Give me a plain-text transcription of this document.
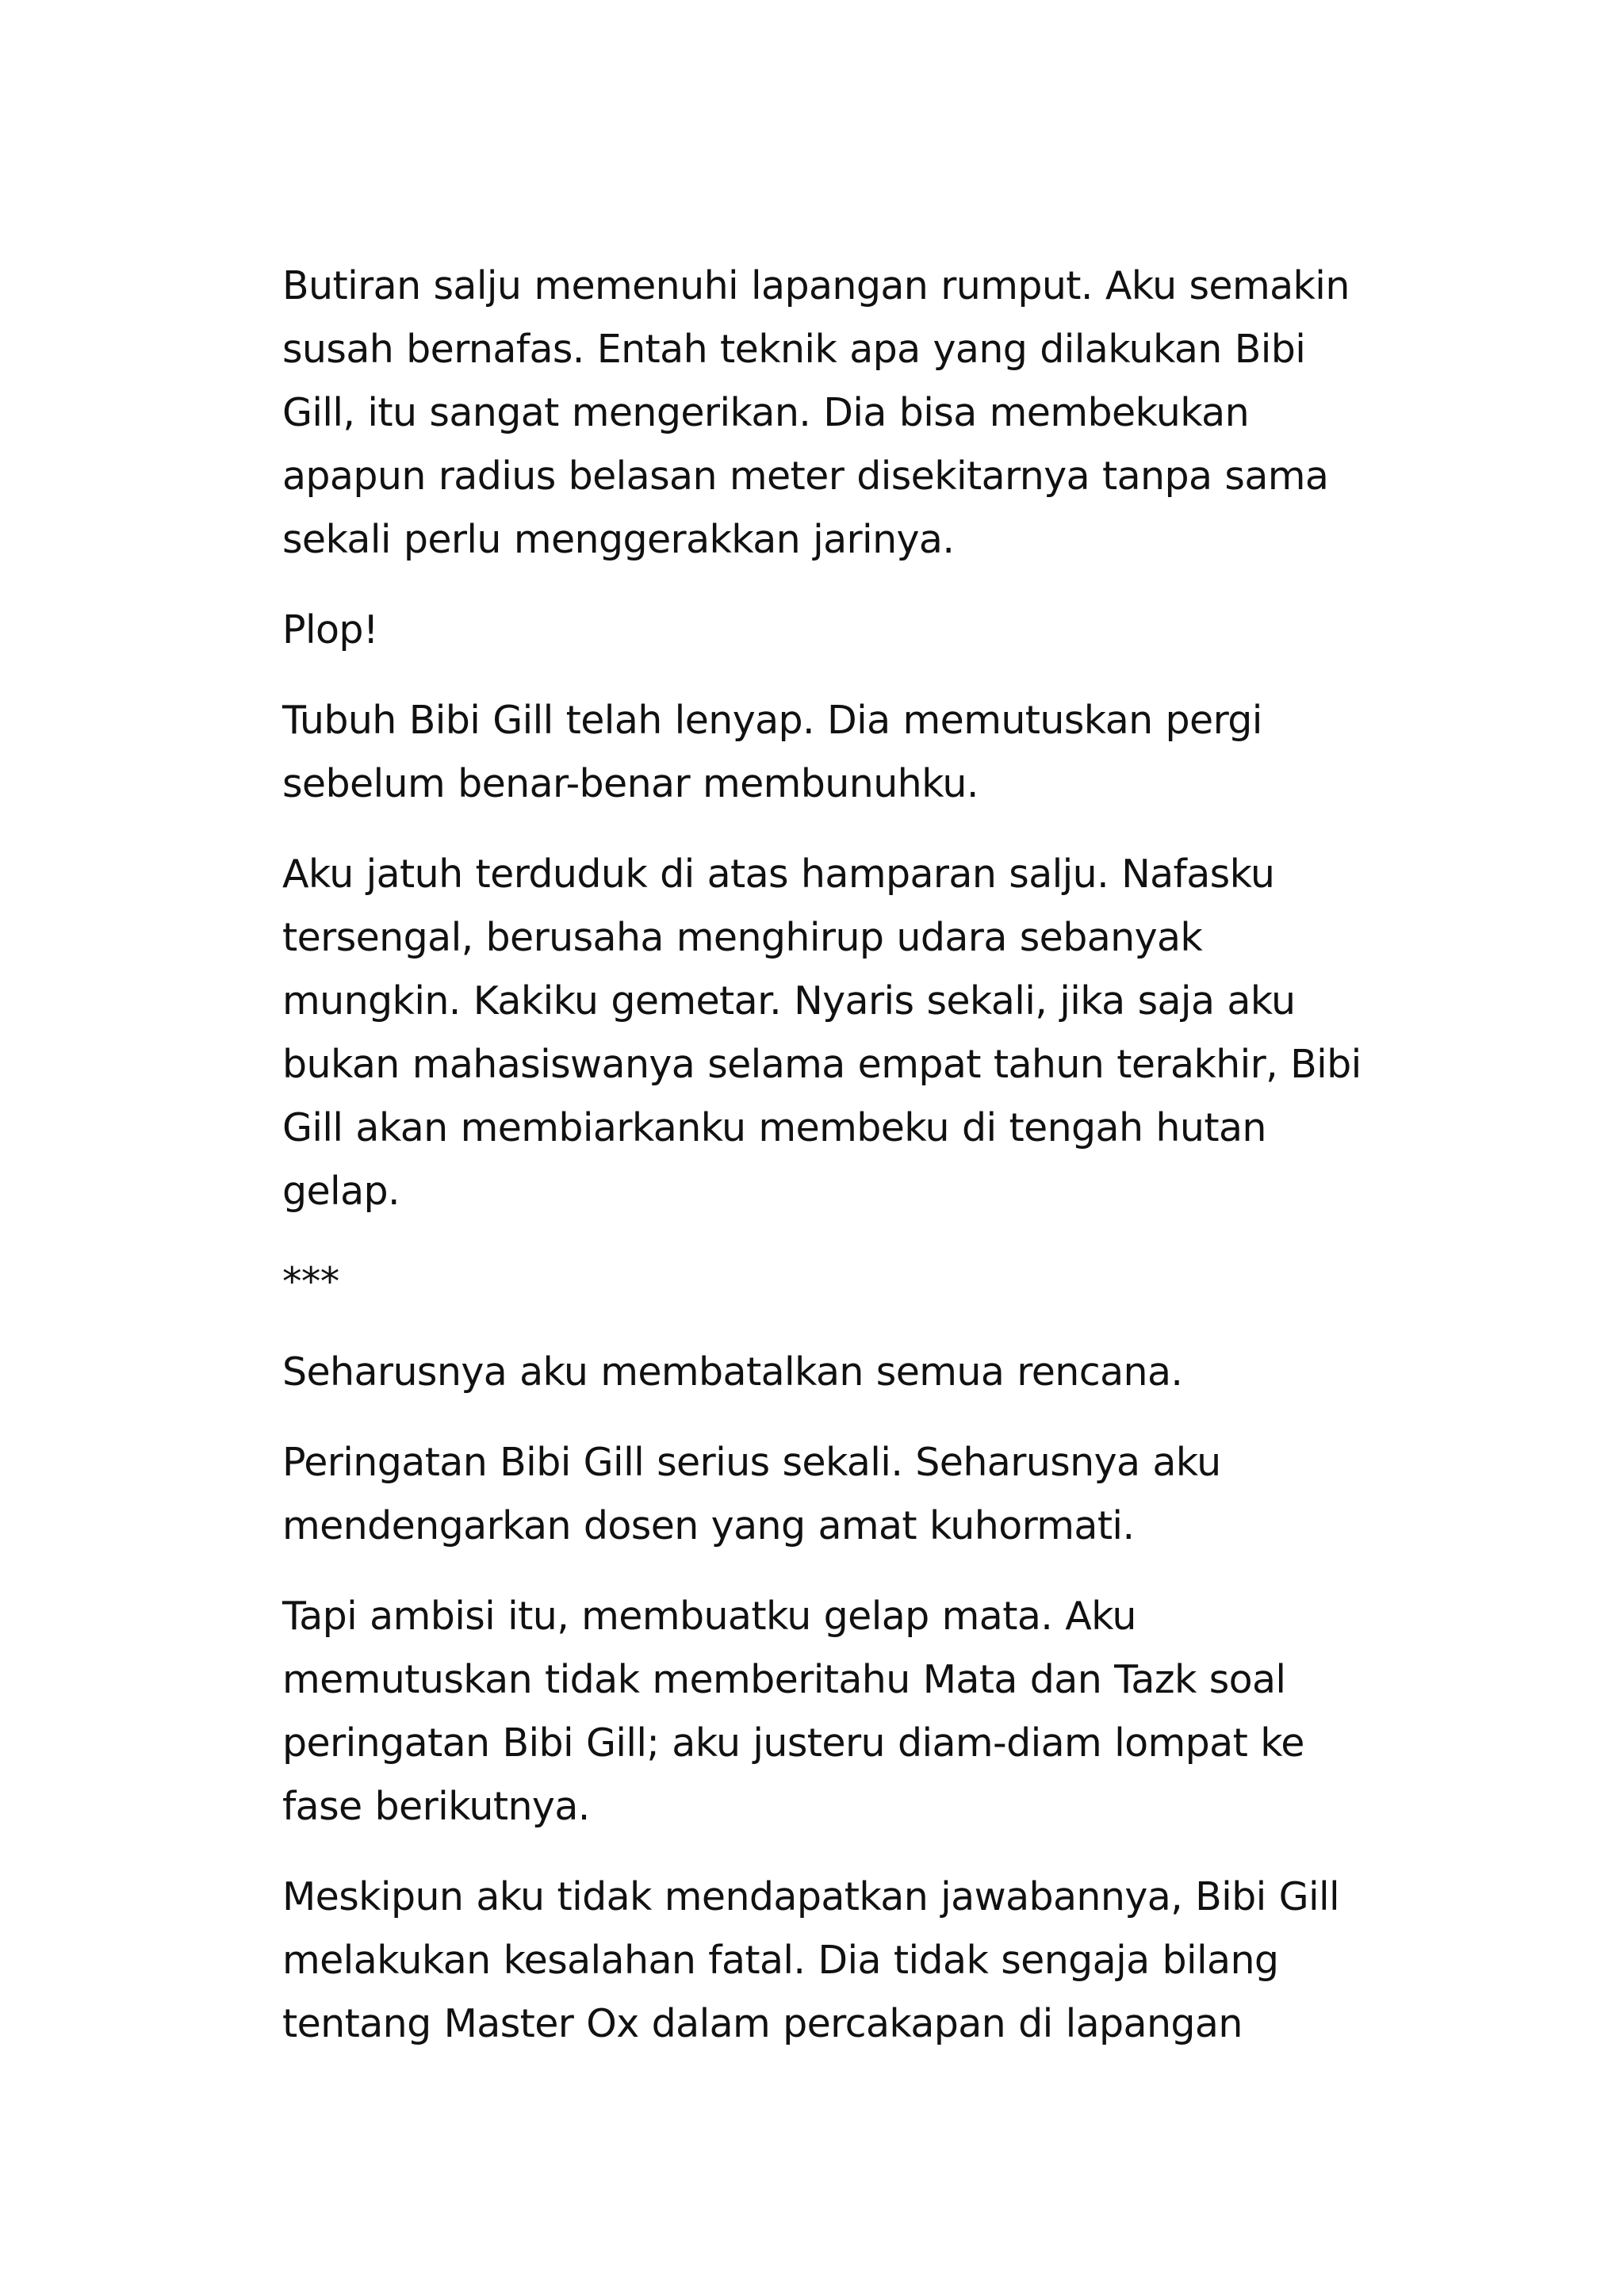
Butiran salju memenuhi lapangan rumput. Aku semakin
susah bernafas. Entah teknik apa yang dilakukan Bibi
Gill, itu sangat mengerikan. Dia bisa membekukan
apapun radius belasan meter disekitarnya tanpa sama
sekali perlu menggerakkan jarinya.

Plop!

Tubuh Bibi Gill telah lenyap. Dia memutuskan pergi
sebelum benar-benar membunuhku.

Aku jatuh terduduk di atas hamparan salju. Nafasku
tersengal, berusaha menghirup udara sebanyak
mungkin. Kakiku gemetar. Nyaris sekali, jika saja aku
bukan mahasiswanya selama empat tahun terakhir, Bibi
Gill akan membiarkanku membeku di tengah hutan
gelap.

***

Seharusnya aku membatalkan semua rencana.

Peringatan Bibi Gill serius sekali. Seharusnya aku
mendengarkan dosen yang amat kuhormati.

Tapi ambisi itu, membuatku gelap mata. Aku
memutuskan tidak memberitahu Mata dan Tazk soal
peringatan Bibi Gill; aku justeru diam-diam lompat ke
fase berikutnya.

Meskipun aku tidak mendapatkan jawabannya, Bibi Gill
melakukan kesalahan fatal. Dia tidak sengaja bilang
tentang Master Ox dalam percakapan di lapangan
